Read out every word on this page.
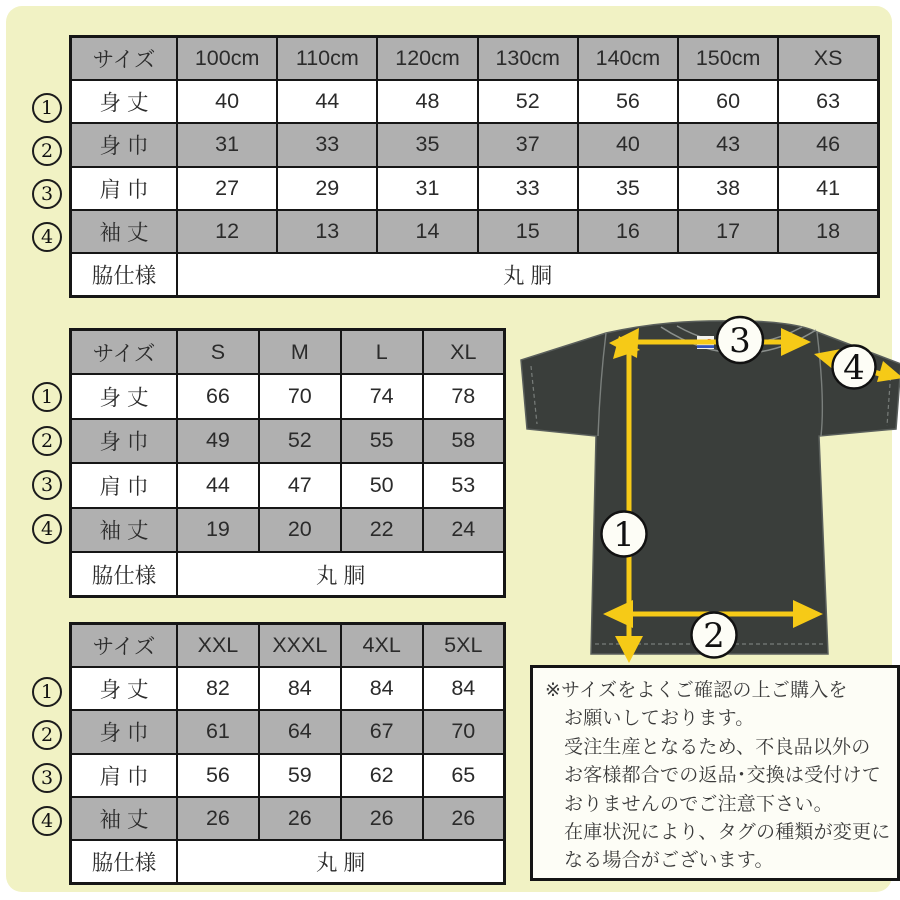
サイズ	100cm	110cm	120cm	130cm	140cm	150cm	XS
身 丈	40	44	48	52	56	60	63
身 巾	31	33	35	37	40	43	46
肩 巾	27	29	31	33	35	38	41
袖 丈	12	13	14	15	16	17	18
脇仕様	丸 胴						
サイズ	S	M	L	XL
身 丈	66	70	74	78
身 巾	49	52	55	58
肩 巾	44	47	50	53
袖 丈	19	20	22	24
脇仕様	丸 胴			
サイズ	XXL	XXXL	4XL	5XL
身 丈	82	84	84	84
身 巾	61	64	67	70
肩 巾	56	59	62	65
袖 丈	26	26	26	26
脇仕様	丸 胴			
1
2
3
4
1
2
3
4
1
2
3
4
3
4
1
2
※サイズをよくご確認の上ご購入を
お願いしております。
受注生産となるため、不良品以外の
お客様都合での返品･交換は受付けて
おりませんのでご注意下さい。
在庫状況により、タグの種類が変更に
なる場合がございます。
